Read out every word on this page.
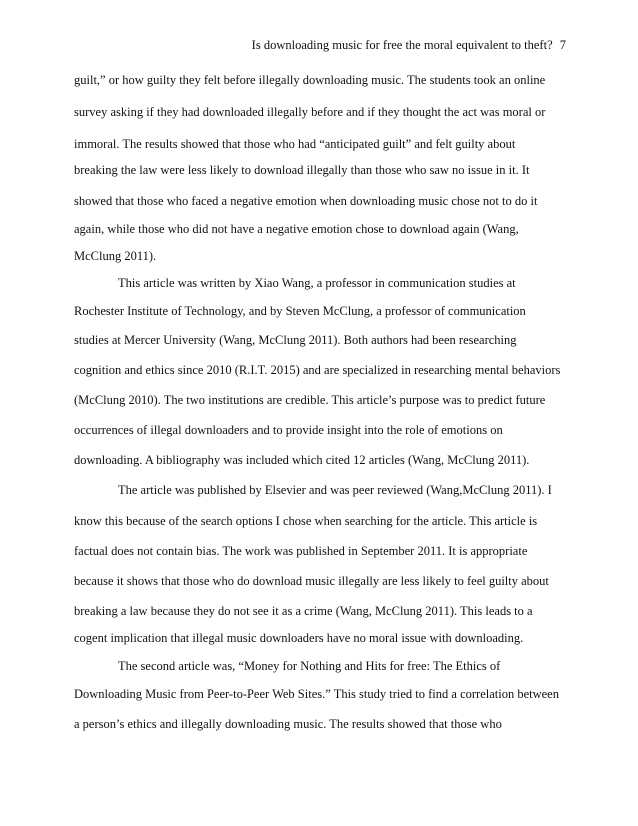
Is downloading music for free the moral equivalent to theft? 7
guilt,” or how guilty they felt before illegally downloading music. The students took an online
survey asking if they had downloaded illegally before and if they thought the act was moral or
immoral. The results showed that those who had “anticipated guilt” and felt guilty about
breaking the law were less likely to download illegally than those who saw no issue in it. It
showed that those who faced a negative emotion when downloading music chose not to do it
again, while those who did not have a negative emotion chose to download again (Wang,
McClung 2011).
This article was written by Xiao Wang, a professor in communication studies at
Rochester Institute of Technology, and by Steven McClung, a professor of communication
studies at Mercer University (Wang, McClung 2011). Both authors had been researching
cognition and ethics since 2010 (R.I.T. 2015) and are specialized in researching mental behaviors
(McClung 2010). The two institutions are credible. This article’s purpose was to predict future
occurrences of illegal downloaders and to provide insight into the role of emotions on
downloading. A bibliography was included which cited 12 articles (Wang, McClung 2011).
The article was published by Elsevier and was peer reviewed (Wang,McClung 2011). I
know this because of the search options I chose when searching for the article. This article is
factual does not contain bias. The work was published in September 2011. It is appropriate
because it shows that those who do download music illegally are less likely to feel guilty about
breaking a law because they do not see it as a crime (Wang, McClung 2011). This leads to a
cogent implication that illegal music downloaders have no moral issue with downloading.
The second article was, “Money for Nothing and Hits for free: The Ethics of
Downloading Music from Peer-to-Peer Web Sites.” This study tried to find a correlation between
a person’s ethics and illegally downloading music. The results showed that those who
